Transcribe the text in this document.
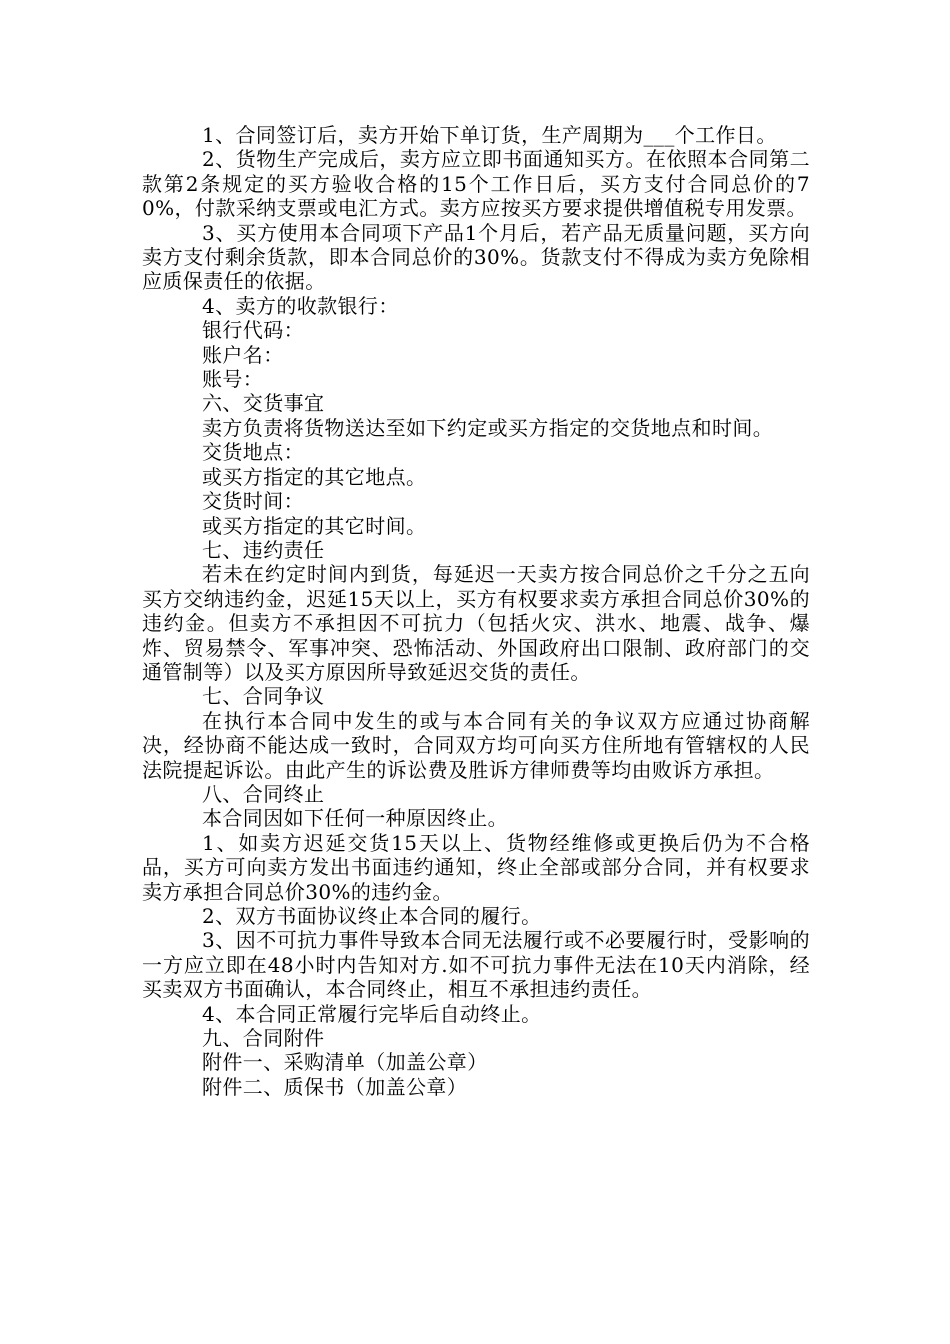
1、合同签订后，卖方开始下单订货，生产周期为___个工作日。

2、货物生产完成后，卖方应立即书面通知买方。在依照本合同第二款第2条规定的买方验收合格的15个工作日后，买方支付合同总价的70%，付款采纳支票或电汇方式。卖方应按买方要求提供增值税专用发票。

3、买方使用本合同项下产品1个月后，若产品无质量问题，买方向卖方支付剩余货款，即本合同总价的30%。货款支付不得成为卖方免除相应质保责任的依据。

4、卖方的收款银行：

银行代码：

账户名：

账号：

六、交货事宜

卖方负责将货物送达至如下约定或买方指定的交货地点和时间。

交货地点：

或买方指定的其它地点。

交货时间：

或买方指定的其它时间。

七、违约责任

若未在约定时间内到货，每延迟一天卖方按合同总价之千分之五向买方交纳违约金，迟延15天以上，买方有权要求卖方承担合同总价30%的违约金。但卖方不承担因不可抗力（包括火灾、洪水、地震、战争、爆炸、贸易禁令、军事冲突、恐怖活动、外国政府出口限制、政府部门的交通管制等）以及买方原因所导致延迟交货的责任。

七、合同争议

在执行本合同中发生的或与本合同有关的争议双方应通过协商解决，经协商不能达成一致时，合同双方均可向买方住所地有管辖权的人民法院提起诉讼。由此产生的诉讼费及胜诉方律师费等均由败诉方承担。

八、合同终止

本合同因如下任何一种原因终止。

1、如卖方迟延交货15天以上、货物经维修或更换后仍为不合格品，买方可向卖方发出书面违约通知，终止全部或部分合同，并有权要求卖方承担合同总价30%的违约金。

2、双方书面协议终止本合同的履行。

3、因不可抗力事件导致本合同无法履行或不必要履行时，受影响的一方应立即在48小时内告知对方.如不可抗力事件无法在10天内消除，经买卖双方书面确认，本合同终止，相互不承担违约责任。

4、本合同正常履行完毕后自动终止。

九、合同附件

附件一、采购清单（加盖公章）

附件二、质保书（加盖公章）
